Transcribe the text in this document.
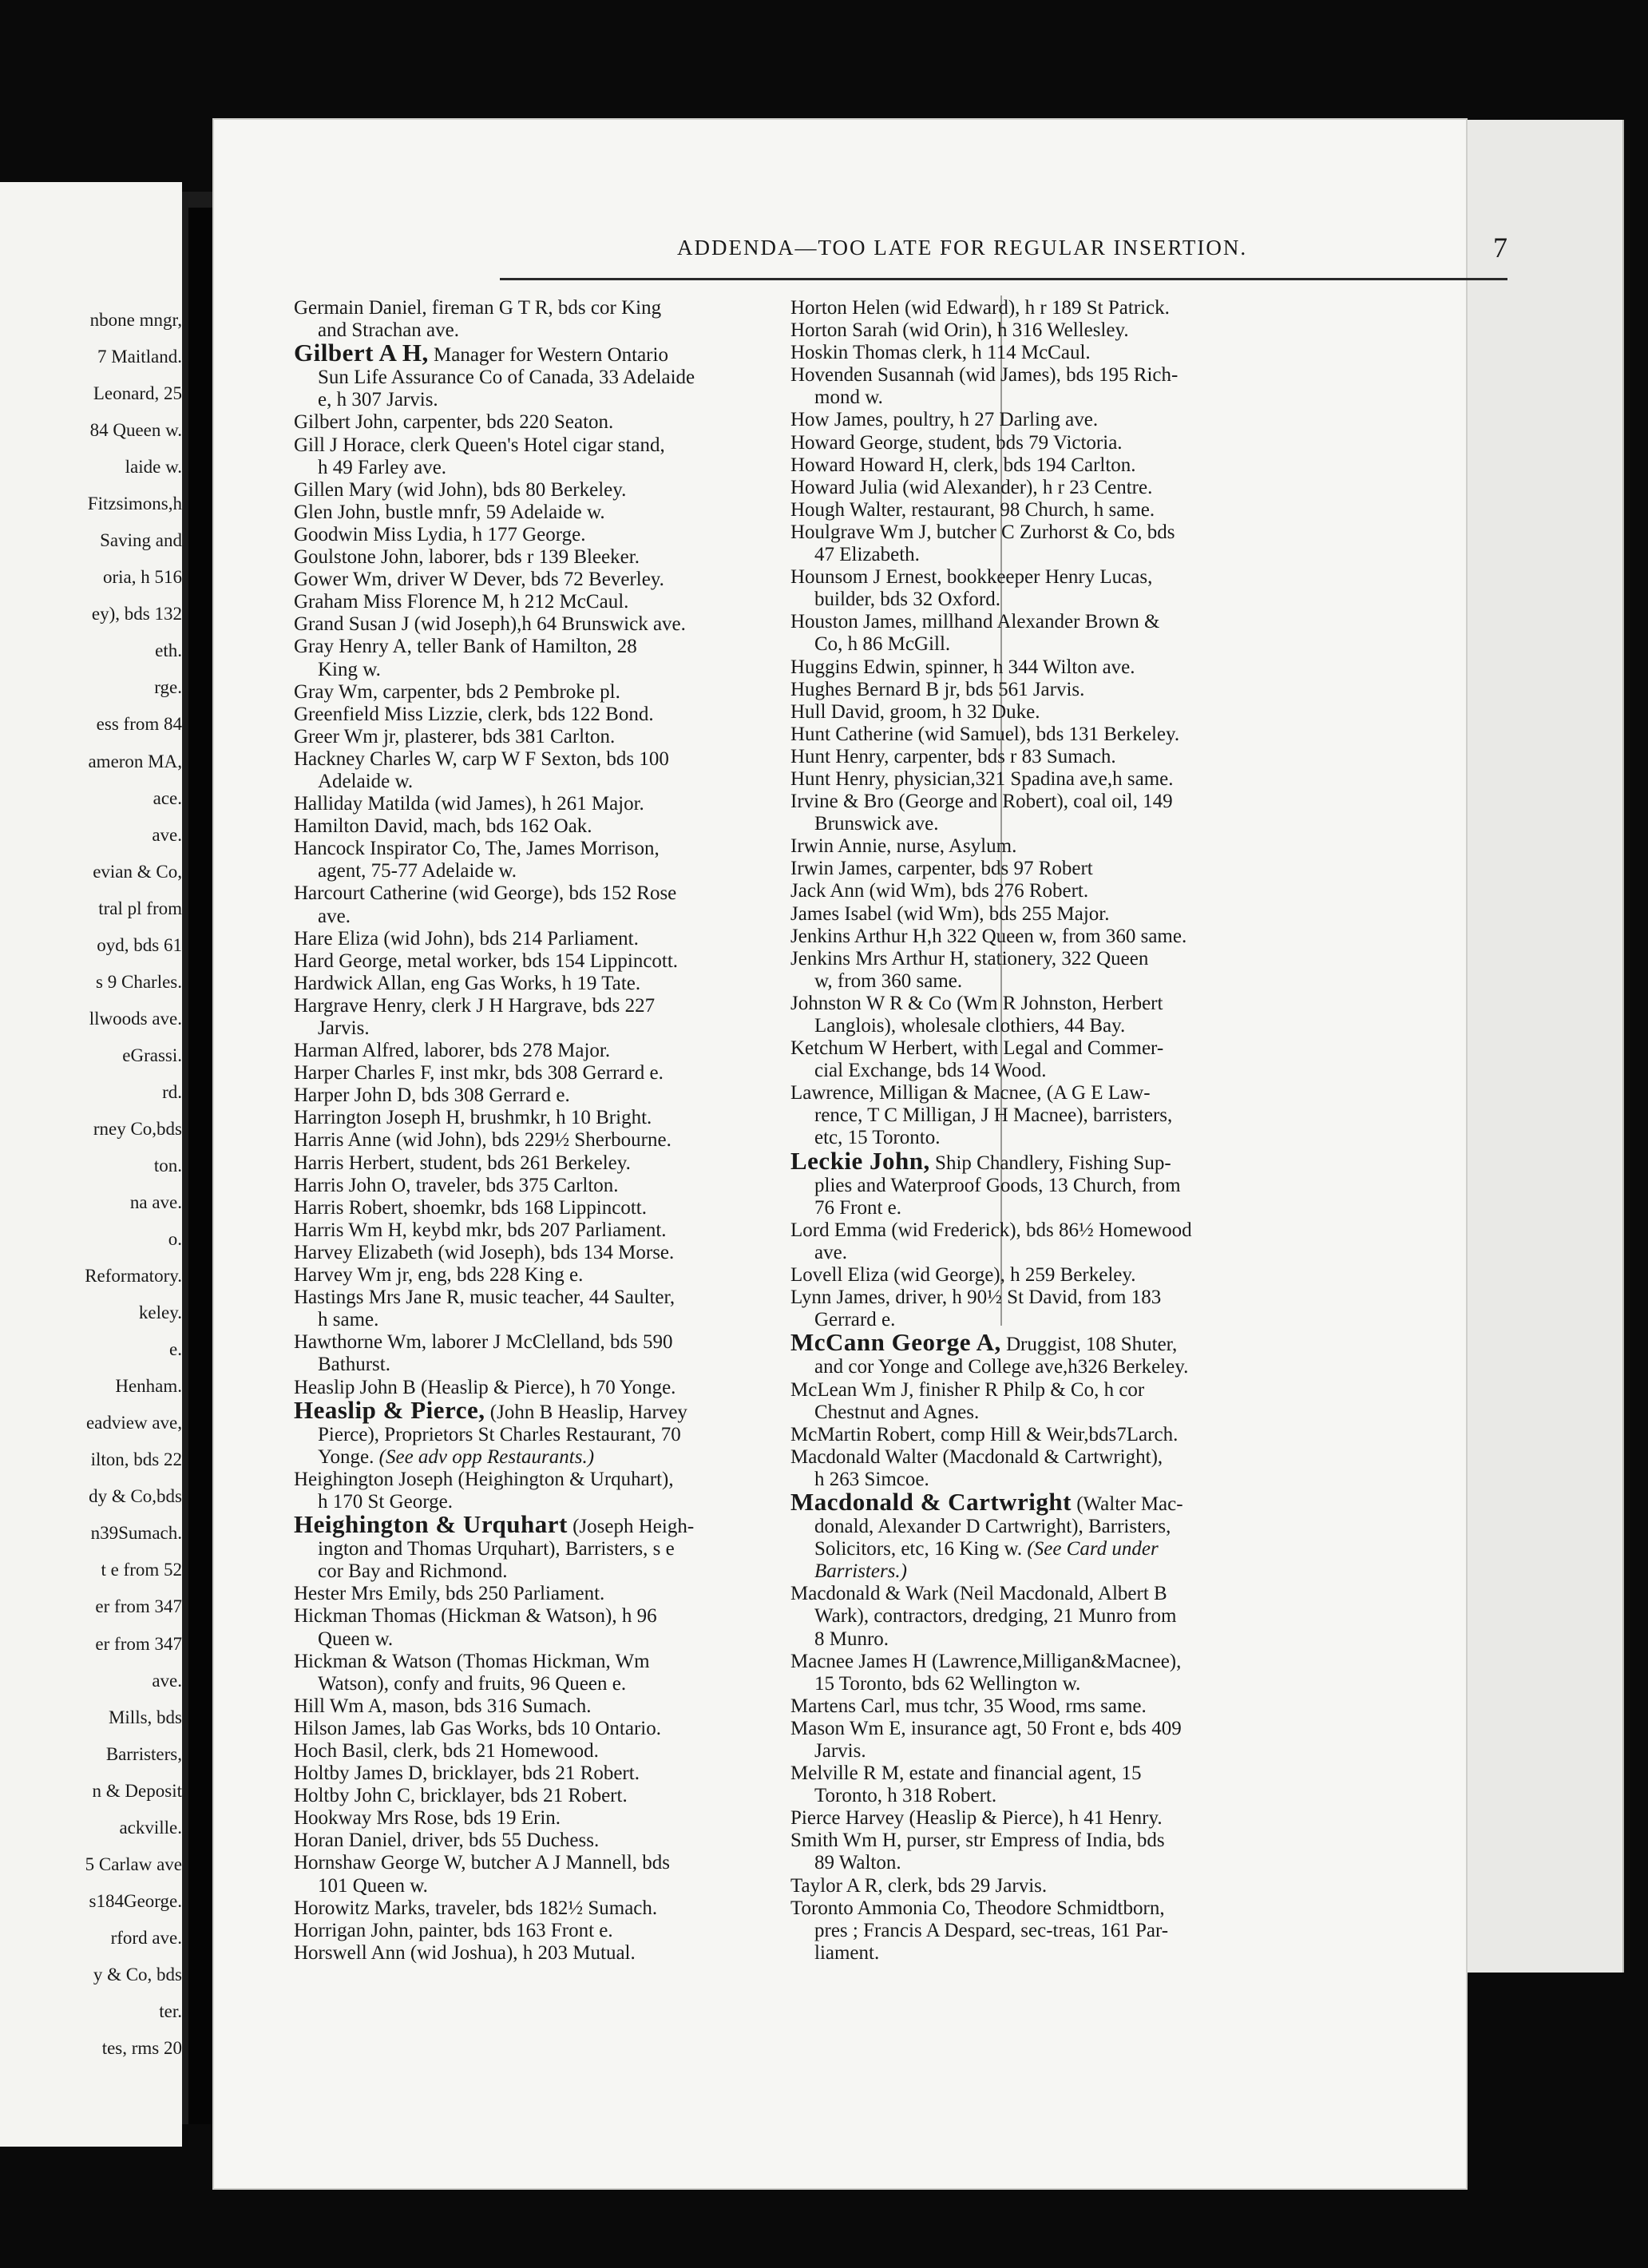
nbone mngr,
7 Maitland.
Leonard, 25
84 Queen w.
laide w.
Fitzsimons,h
Saving and
oria, h 516
ey), bds 132
eth.
rge.
ess from 84
ameron MA,
ace.
ave.
evian & Co,
tral pl from
oyd, bds 61
s 9 Charles.
llwoods ave.
eGrassi.
rd.
rney Co,bds
ton.
na ave.
o.
Reformatory.
keley.
e.
Henham.
eadview ave,
ilton, bds 22
dy & Co,bds
n39Sumach.
t e from 52
er from 347
er from 347
ave.
Mills, bds
Barristers,
n & Deposit
ackville.
5 Carlaw ave
s184George.
rford ave.
y & Co, bds
ter.
tes, rms 20
ADDENDA—TOO LATE FOR REGULAR INSERTION.	7
Germain Daniel, fireman G T R, bds cor King
and Strachan ave.
Gilbert A H, Manager for Western Ontario
Sun Life Assurance Co of Canada, 33 Adelaide
e, h 307 Jarvis.
Gilbert John, carpenter, bds 220 Seaton.
Gill J Horace, clerk Queen's Hotel cigar stand,
h 49 Farley ave.
Gillen Mary (wid John), bds 80 Berkeley.
Glen John, bustle mnfr, 59 Adelaide w.
Goodwin Miss Lydia, h 177 George.
Goulstone John, laborer, bds r 139 Bleeker.
Gower Wm, driver W Dever, bds 72 Beverley.
Graham Miss Florence M, h 212 McCaul.
Grand Susan J (wid Joseph),h 64 Brunswick ave.
Gray Henry A, teller Bank of Hamilton, 28
King w.
Gray Wm, carpenter, bds 2 Pembroke pl.
Greenfield Miss Lizzie, clerk, bds 122 Bond.
Greer Wm jr, plasterer, bds 381 Carlton.
Hackney Charles W, carp W F Sexton, bds 100
Adelaide w.
Halliday Matilda (wid James), h 261 Major.
Hamilton David, mach, bds 162 Oak.
Hancock Inspirator Co, The, James Morrison,
agent, 75-77 Adelaide w.
Harcourt Catherine (wid George), bds 152 Rose
ave.
Hare Eliza (wid John), bds 214 Parliament.
Hard George, metal worker, bds 154 Lippincott.
Hardwick Allan, eng Gas Works, h 19 Tate.
Hargrave Henry, clerk J H Hargrave, bds 227
Jarvis.
Harman Alfred, laborer, bds 278 Major.
Harper Charles F, inst mkr, bds 308 Gerrard e.
Harper John D, bds 308 Gerrard e.
Harrington Joseph H, brushmkr, h 10 Bright.
Harris Anne (wid John), bds 229½ Sherbourne.
Harris Herbert, student, bds 261 Berkeley.
Harris John O, traveler, bds 375 Carlton.
Harris Robert, shoemkr, bds 168 Lippincott.
Harris Wm H, keybd mkr, bds 207 Parliament.
Harvey Elizabeth (wid Joseph), bds 134 Morse.
Harvey Wm jr, eng, bds 228 King e.
Hastings Mrs Jane R, music teacher, 44 Saulter,
h same.
Hawthorne Wm, laborer J McClelland, bds 590
Bathurst.
Heaslip John B (Heaslip & Pierce), h 70 Yonge.
Heaslip & Pierce, (John B Heaslip, Harvey
Pierce), Proprietors St Charles Restaurant, 70
Yonge. (See adv opp Restaurants.)
Heighington Joseph (Heighington & Urquhart),
h 170 St George.
Heighington & Urquhart (Joseph Heigh-
ington and Thomas Urquhart), Barristers, s e
cor Bay and Richmond.
Hester Mrs Emily, bds 250 Parliament.
Hickman Thomas (Hickman & Watson), h 96
Queen w.
Hickman & Watson (Thomas Hickman, Wm
Watson), confy and fruits, 96 Queen e.
Hill Wm A, mason, bds 316 Sumach.
Hilson James, lab Gas Works, bds 10 Ontario.
Hoch Basil, clerk, bds 21 Homewood.
Holtby James D, bricklayer, bds 21 Robert.
Holtby John C, bricklayer, bds 21 Robert.
Hookway Mrs Rose, bds 19 Erin.
Horan Daniel, driver, bds 55 Duchess.
Hornshaw George W, butcher A J Mannell, bds
101 Queen w.
Horowitz Marks, traveler, bds 182½ Sumach.
Horrigan John, painter, bds 163 Front e.
Horswell Ann (wid Joshua), h 203 Mutual.
Horton Helen (wid Edward), h r 189 St Patrick.
Horton Sarah (wid Orin), h 316 Wellesley.
Hoskin Thomas clerk, h 114 McCaul.
Hovenden Susannah (wid James), bds 195 Rich-
mond w.
How James, poultry, h 27 Darling ave.
Howard George, student, bds 79 Victoria.
Howard Howard H, clerk, bds 194 Carlton.
Howard Julia (wid Alexander), h r 23 Centre.
Hough Walter, restaurant, 98 Church, h same.
Houlgrave Wm J, butcher C Zurhorst & Co, bds
47 Elizabeth.
Hounsom J Ernest, bookkeeper Henry Lucas,
builder, bds 32 Oxford.
Houston James, millhand Alexander Brown &
Co, h 86 McGill.
Huggins Edwin, spinner, h 344 Wilton ave.
Hughes Bernard B jr, bds 561 Jarvis.
Hull David, groom, h 32 Duke.
Hunt Catherine (wid Samuel), bds 131 Berkeley.
Hunt Henry, carpenter, bds r 83 Sumach.
Hunt Henry, physician,321 Spadina ave,h same.
Irvine & Bro (George and Robert), coal oil, 149
Brunswick ave.
Irwin Annie, nurse, Asylum.
Irwin James, carpenter, bds 97 Robert
Jack Ann (wid Wm), bds 276 Robert.
James Isabel (wid Wm), bds 255 Major.
Jenkins Arthur H,h 322 Queen w, from 360 same.
Jenkins Mrs Arthur H, stationery, 322 Queen
w, from 360 same.
Johnston W R & Co (Wm R Johnston, Herbert
Langlois), wholesale clothiers, 44 Bay.
Ketchum W Herbert, with Legal and Commer-
cial Exchange, bds 14 Wood.
Lawrence, Milligan & Macnee, (A G E Law-
rence, T C Milligan, J H Macnee), barristers,
etc, 15 Toronto.
Leckie John, Ship Chandlery, Fishing Sup-
plies and Waterproof Goods, 13 Church, from
76 Front e.
Lord Emma (wid Frederick), bds 86½ Homewood
ave.
Lovell Eliza (wid George), h 259 Berkeley.
Lynn James, driver, h 90½ St David, from 183
Gerrard e.
McCann George A, Druggist, 108 Shuter,
and cor Yonge and College ave,h326 Berkeley.
McLean Wm J, finisher R Philp & Co, h cor
Chestnut and Agnes.
McMartin Robert, comp Hill & Weir,bds7Larch.
Macdonald Walter (Macdonald & Cartwright),
h 263 Simcoe.
Macdonald & Cartwright (Walter Mac-
donald, Alexander D Cartwright), Barristers,
Solicitors, etc, 16 King w. (See Card under
Barristers.)
Macdonald & Wark (Neil Macdonald, Albert B
Wark), contractors, dredging, 21 Munro from
8 Munro.
Macnee James H (Lawrence,Milligan&Macnee),
15 Toronto, bds 62 Wellington w.
Martens Carl, mus tchr, 35 Wood, rms same.
Mason Wm E, insurance agt, 50 Front e, bds 409
Jarvis.
Melville R M, estate and financial agent, 15
Toronto, h 318 Robert.
Pierce Harvey (Heaslip & Pierce), h 41 Henry.
Smith Wm H, purser, str Empress of India, bds
89 Walton.
Taylor A R, clerk, bds 29 Jarvis.
Toronto Ammonia Co, Theodore Schmidtborn,
pres ; Francis A Despard, sec-treas, 161 Par-
liament.
